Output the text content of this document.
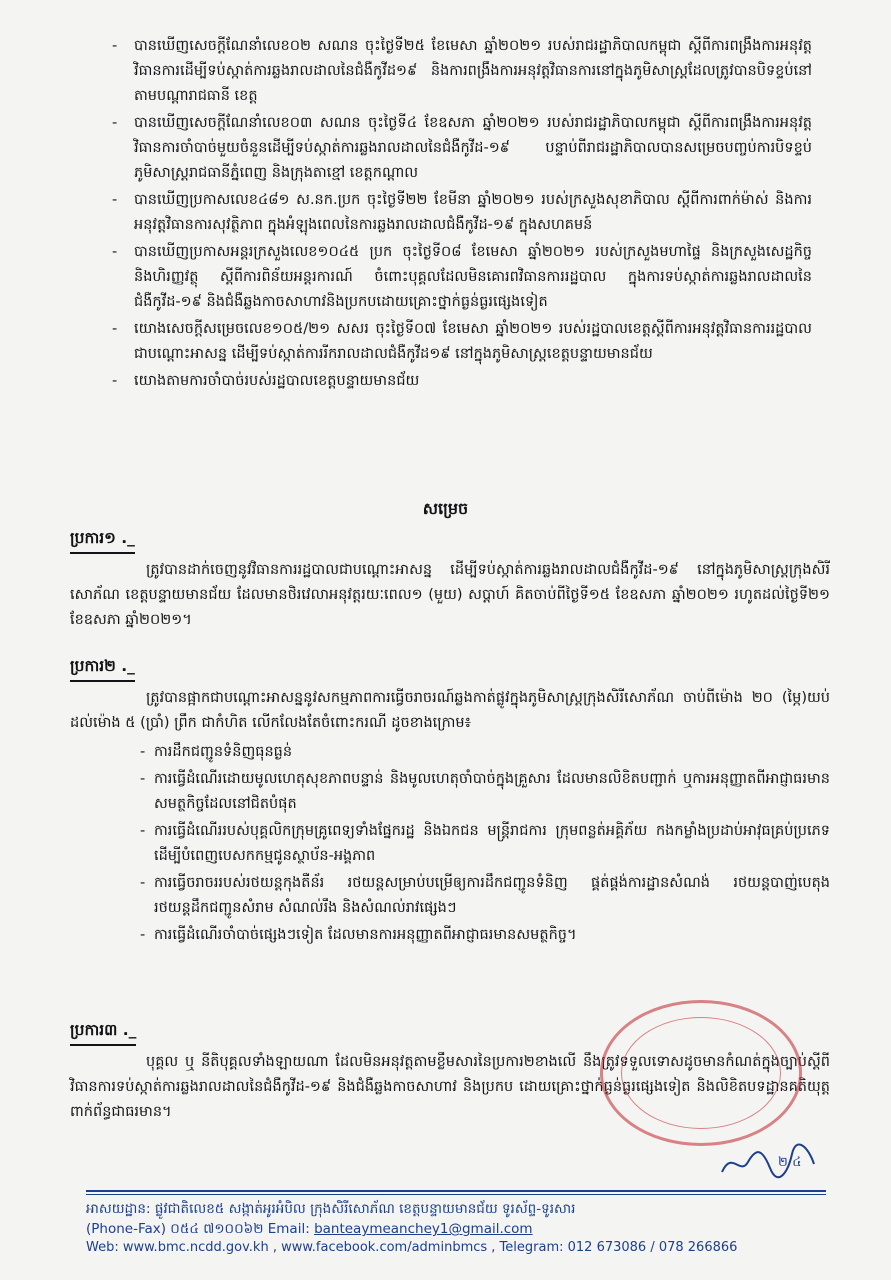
-	បានឃើញសេចក្តីណែនាំលេខ០២ សណន ចុះថ្ងៃទី២៥ ខែមេសា ឆ្នាំ២០២១ របស់រាជរដ្ឋាភិបាលកម្ពុជា ស្តីពីការពង្រឹងការអនុវត្តវិធានការដើម្បីទប់ស្កាត់ការឆ្លងរាលដាលនៃជំងឺកូវីដ១៩ និងការពង្រឹងការអនុវត្តវិធានការនៅក្នុងភូមិសាស្ត្រដែលត្រូវបានបិទខ្ទប់នៅតាមបណ្តារាជធានី ខេត្ត
-	បានឃើញសេចក្តីណែនាំលេខ០៣ សណន ចុះថ្ងៃទី៤ ខែឧសភា ឆ្នាំ២០២១ របស់រាជរដ្ឋាភិបាលកម្ពុជា ស្តីពីការពង្រឹងការអនុវត្តវិធានការចាំបាច់មួយចំនួនដើម្បីទប់ស្កាត់ការឆ្លងរាលដាលនៃជំងឺកូវីដ-១៩ បន្ទាប់ពីរាជរដ្ឋាភិបាលបានសម្រេចបញ្ចប់ការបិទខ្ទប់ភូមិសាស្ត្ររាជធានីភ្នំពេញ និងក្រុងតាខ្មៅ ខេត្តកណ្តាល
-	បានឃើញប្រកាសលេខ៤៨១ ស.នក.ប្រក ចុះថ្ងៃទី២២ ខែមីនា ឆ្នាំ២០២១ របស់ក្រសួងសុខាភិបាល ស្តីពីការពាក់ម៉ាស់ និងការអនុវត្តវិធានការសុវត្ថិភាព ក្នុងអំឡុងពេលនៃការឆ្លងរាលដាលជំងឺកូវីដ-១៩ ក្នុងសហគមន៍
-	បានឃើញប្រកាសអន្តរក្រសួងលេខ១០៤៥ ប្រក ចុះថ្ងៃទី០៨ ខែមេសា ឆ្នាំ២០២១ របស់ក្រសួងមហាផ្ទៃ និងក្រសួងសេដ្ឋកិច្ច និងហិរញ្ញវត្ថុ ស្តីពីការពិន័យអន្តរការណ៍ ចំពោះបុគ្គលដែលមិនគោរពវិធានការរដ្ឋបាល ក្នុងការទប់ស្កាត់ការឆ្លងរាលដាលនៃជំងឺកូវីដ-១៩ និងជំងឺឆ្លងកាចសាហាវនិងប្រកបដោយគ្រោះថ្នាក់ធ្ងន់ធ្ងរផ្សេងទៀត
-	យោងសេចក្តីសម្រេចលេខ១០៥/២១ សសរ ចុះថ្ងៃទី០៧ ខែមេសា ឆ្នាំ២០២១ របស់រដ្ឋបាលខេត្តស្តីពីការអនុវត្តវិធានការរដ្ឋបាលជាបណ្តោះអាសន្ន ដើម្បីទប់ស្កាត់ការរីករាលដាលជំងឺកូវីដ១៩ នៅក្នុងភូមិសាស្ត្រខេត្តបន្ទាយមានជ័យ
-	យោងតាមការចាំបាច់របស់រដ្ឋបាលខេត្តបន្ទាយមានជ័យ
សម្រេច
ប្រការ១ ._
ត្រូវបានដាក់ចេញនូវវិធានការរដ្ឋបាលជាបណ្តោះអាសន្ន ដើម្បីទប់ស្កាត់ការឆ្លងរាលដាលជំងឺកូវីដ-១៩ នៅក្នុងភូមិសាស្ត្រក្រុងសិរីសោភ័ណ ខេត្តបន្ទាយមានជ័យ ដែលមានថិរវេលាអនុវត្តរយៈពេល១ (មួយ) សប្តាហ៍ គិតចាប់ពីថ្ងៃទី១៥ ខែឧសភា ឆ្នាំ២០២១ រហូតដល់ថ្ងៃទី២១ ខែឧសភា ឆ្នាំ២០២១។
ប្រការ២ ._
ត្រូវបានផ្អាកជាបណ្តោះអាសន្ននូវសកម្មភាពការធ្វើចរាចរណ៍ឆ្លងកាត់ផ្លូវក្នុងភូមិសាស្ត្រក្រុងសិរីសោភ័ណ ចាប់ពីម៉ោង ២០ (ម្ភៃ)យប់ ដល់ម៉ោង ៥ (ប្រាំ) ព្រឹក ជាកំហិត លើកលែងតែចំពោះករណី ដូចខាងក្រោម៖
- ការដឹកជញ្ជូនទំនិញធុនធ្ងន់
- ការធ្វើដំណើរដោយមូលហេតុសុខភាពបន្ទាន់ និងមូលហេតុចាំបាច់ក្នុងគ្រួសារ ដែលមានលិខិតបញ្ជាក់ ឬការអនុញ្ញាតពីអាជ្ញាធរមានសមត្ថកិច្ចដែលនៅជិតបំផុត
- ការធ្វើដំណើររបស់បុគ្គលិកក្រុមគ្រូពេទ្យទាំងផ្នែករដ្ឋ និងឯកជន មន្ត្រីរាជការ ក្រុមពន្លត់អគ្គិភ័យ កងកម្លាំងប្រដាប់អាវុធគ្រប់ប្រភេទ ដើម្បីបំពេញបេសកកម្មជូនស្ថាប័ន-អង្គភាព
- ការធ្វើចរាចររបស់រថយន្តកុងតឺន័រ រថយន្តសម្រាប់បម្រើឲ្យការដឹកជញ្ជូនទំនិញ ផ្គត់ផ្គង់ការដ្ឋានសំណង់ រថយន្តបាញ់បេតុង រថយន្តដឹកជញ្ជូនសំរាម សំណល់រឹង និងសំណល់រាវផ្សេងៗ
- ការធ្វើដំណើរចាំបាច់ផ្សេងៗទៀត ដែលមានការអនុញ្ញាតពីអាជ្ញាធរមានសមត្ថកិច្ច។
ប្រការ៣ ._
បុគ្គល ឬ នីតិបុគ្គលទាំងឡាយណា ដែលមិនអនុវត្តតាមខ្លឹមសារនៃប្រការ២ខាងលើ នឹងត្រូវទទួលទោសដូចមានកំណត់ក្នុងច្បាប់ស្តីពីវិធានការទប់ស្កាត់ការឆ្លងរាលដាលនៃជំងឺកូវីដ-១៩ និងជំងឺឆ្លងកាចសាហាវ និងប្រកប ដោយគ្រោះថ្នាក់ធ្ងន់ធ្ងរផ្សេងទៀត និងលិខិតបទដ្ឋានគតិយុត្តពាក់ព័ន្ធជាធរមាន។
២/៤
អាសយដ្ឋាន: ផ្លូវជាតិលេខ៥ សង្កាត់អូរអំបិល ក្រុងសិរីសោភ័ណ ខេត្តបន្ទាយមានជ័យ ទូរស័ព្ទ-ទូរសារ
(Phone-Fax) ០៥៤ ៧១០០៦២ Email: banteaymeanchey1@gmail.com
Web: www.bmc.ncdd.gov.kh , www.facebook.com/adminbmcs , Telegram: 012 673086 / 078 266866
